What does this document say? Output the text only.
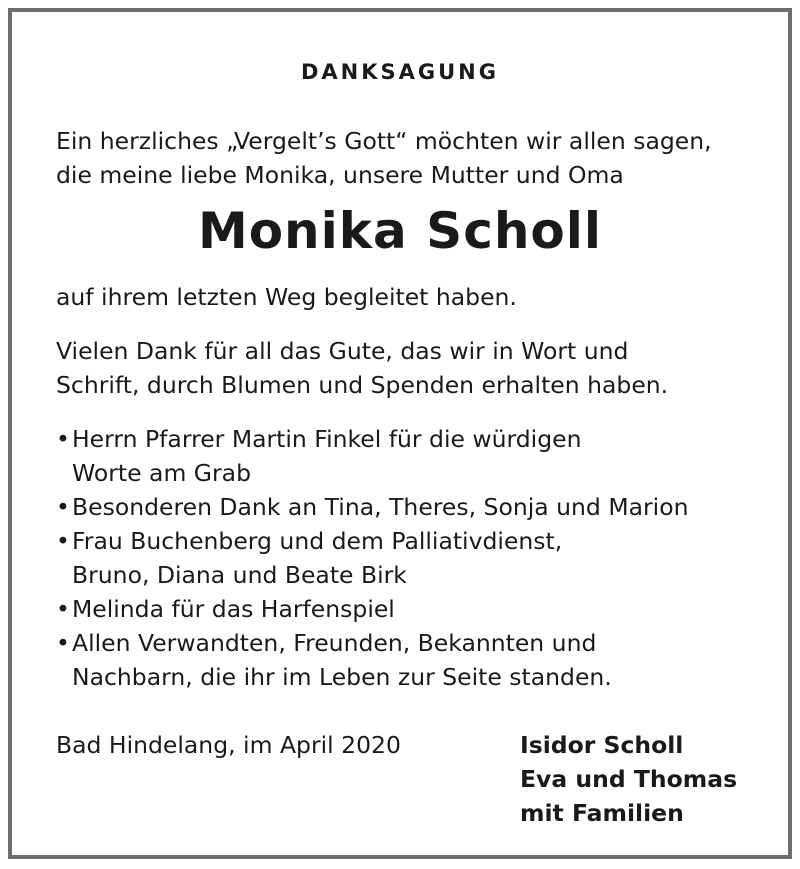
DANKSAGUNG
Ein herzliches „Vergelt’s Gott“ möchten wir allen sagen,
die meine liebe Monika, unsere Mutter und Oma
Monika Scholl
auf ihrem letzten Weg begleitet haben.
Vielen Dank für all das Gute, das wir in Wort und
Schrift, durch Blumen und Spenden erhalten haben.
• Herrn Pfarrer Martin Finkel für die würdigen
Worte am Grab
• Besonderen Dank an Tina, Theres, Sonja und Marion
• Frau Buchenberg und dem Palliativdienst,
Bruno, Diana und Beate Birk
• Melinda für das Harfenspiel
• Allen Verwandten, Freunden, Bekannten und
Nachbarn, die ihr im Leben zur Seite standen.
Bad Hindelang, im April 2020	Isidor Scholl
Eva und Thomas
mit Familien
